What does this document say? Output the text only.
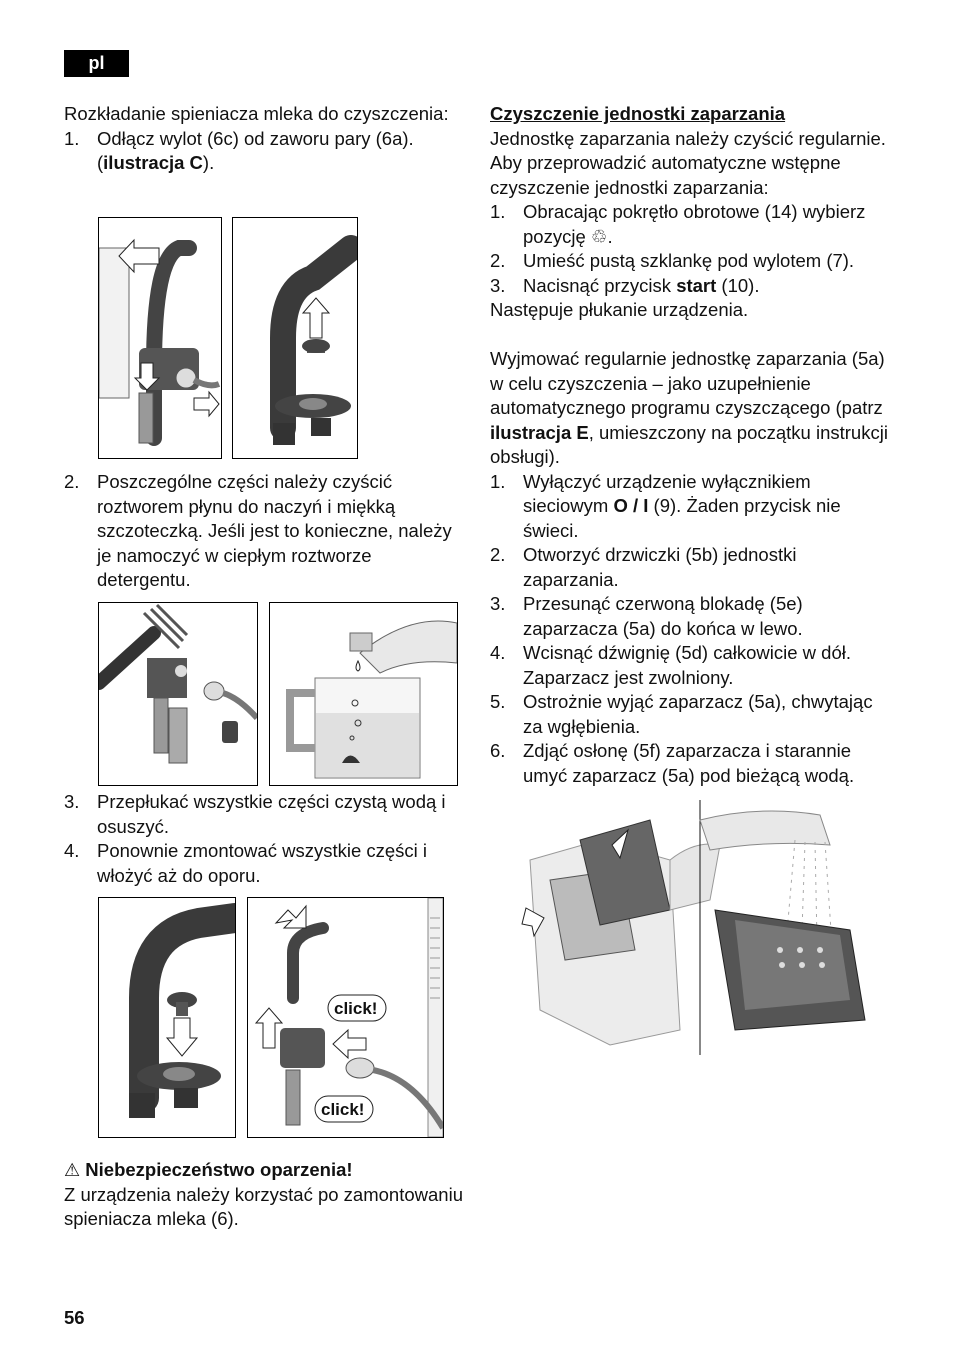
pl

Rozkładanie spieniacza mleka do czyszczenia:

1. Odłącz wylot (6c) od zaworu pary (6a).
(ilustracja C).
2. Poszczególne części należy czyścić roztworem płynu do naczyń i miękką szczoteczką. Jeśli jest to konieczne, należy je namoczyć w ciepłym roztworze detergentu.
3. Przepłukać wszystkie części czystą wodą i osuszyć.
4. Ponownie zmontować wszystkie części i włożyć aż do oporu.
click!
click!

⚠ Niebezpieczeństwo oparzenia!

Z urządzenia należy korzystać po zamontowaniu spieniacza mleka (6).

Czyszczenie jednostki zaparzania

Jednostkę zaparzania należy czyścić regularnie. Aby przeprowadzić automatyczne wstępne czyszczenie jednostki zaparzania:

1. Obracając pokrętło obrotowe (14) wybierz pozycję ♲.
2. Umieść pustą szklankę pod wylotem (7).
3. Nacisnąć przycisk start (10).

Następuje płukanie urządzenia.

Wyjmować regularnie jednostkę zaparzania (5a) w celu czyszczenia – jako uzupełnienie automatycznego programu czyszczącego (patrz ilustracja E, umieszczony na początku instrukcji obsługi).

1. Wyłączyć urządzenie wyłącznikiem sieciowym O / I (9). Żaden przycisk nie świeci.
2. Otworzyć drzwiczki (5b) jednostki zaparzania.
3. Przesunąć czerwoną blokadę (5e) zaparzacza (5a) do końca w lewo.
4. Wcisnąć dźwignię (5d) całkowicie w dół. Zaparzacz jest zwolniony.
5. Ostrożnie wyjąć zaparzacz (5a), chwytając za wgłębienia.
6. Zdjąć osłonę (5f) zaparzacza i starannie umyć zaparzacz (5a) pod bieżącą wodą.
56
